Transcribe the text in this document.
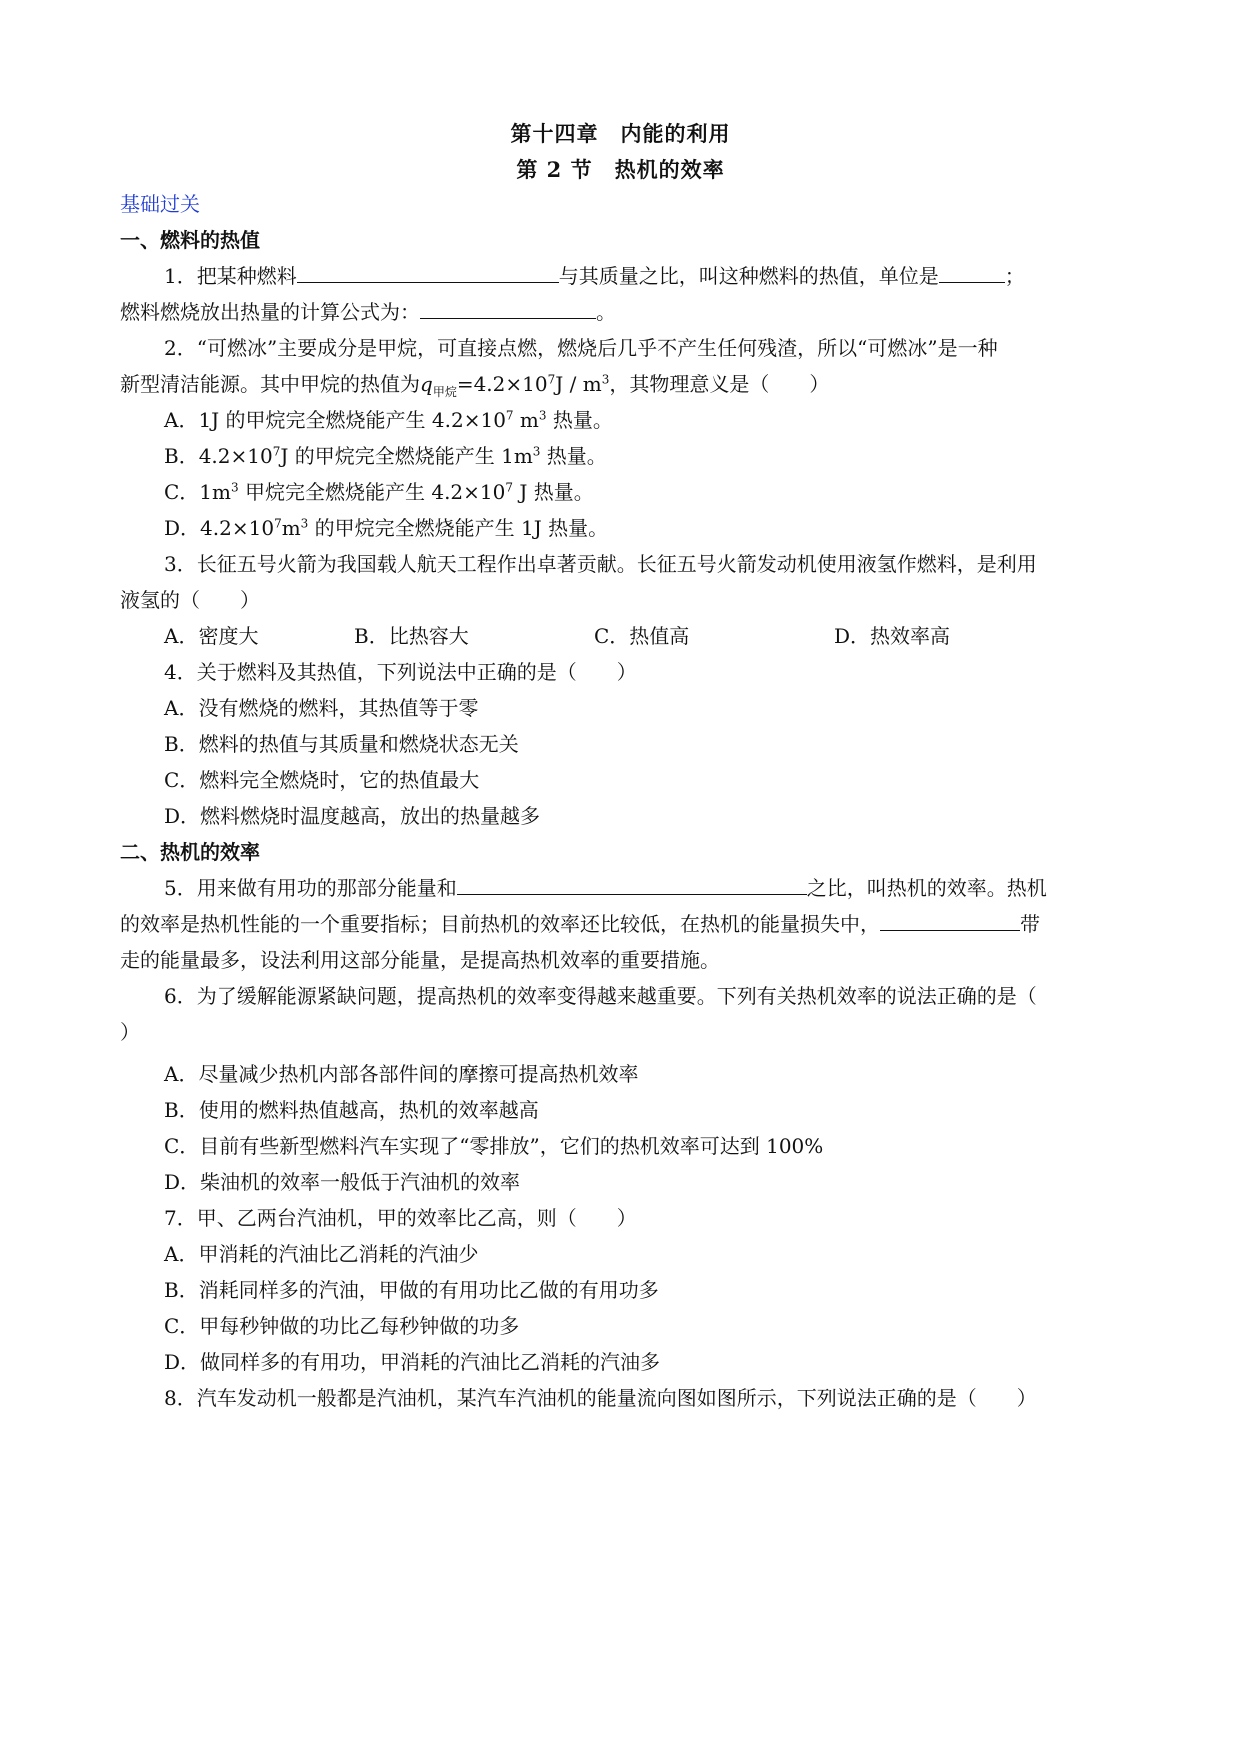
第十四章　内能的利用
第 2 节　热机的效率
基础过关
一、燃料的热值
1．把某种燃料	与其质量之比，叫这种燃料的热值，单位是	；
燃料燃烧放出热量的计算公式为：	。
2．“可燃冰”主要成分是甲烷，可直接点燃，燃烧后几乎不产生任何残渣，所以“可燃冰”是一种
新型清洁能源。其中甲烷的热值为$q_{甲烷}=4.2\times 10^7J / m^3$，其物理意义是（　　）
A．1J 的甲烷完全燃烧能产生 $4.2\times 10^7$ $m^3$ 热量。
B．$4.2\times 10^7J$ 的甲烷完全燃烧能产生 $1m^3$ 热量。
C．$1m^3$ 甲烷完全燃烧能产生 $4.2\times 10^7$ J 热量。
D．$4.2\times 10^7m^3$ 的甲烷完全燃烧能产生 1J 热量。
3．长征五号火箭为我国载人航天工程作出卓著贡献。长征五号火箭发动机使用液氢作燃料，是利用
液氢的（　　）
A．密度大	B．比热容大	C．热值高	D．热效率高
4．关于燃料及其热值，下列说法中正确的是（　　）
A．没有燃烧的燃料，其热值等于零
B．燃料的热值与其质量和燃烧状态无关
C．燃料完全燃烧时，它的热值最大
D．燃料燃烧时温度越高，放出的热量越多
二、热机的效率
5．用来做有用功的那部分能量和	之比，叫热机的效率。热机
的效率是热机性能的一个重要指标；目前热机的效率还比较低，在热机的能量损失中，	带
走的能量最多，设法利用这部分能量，是提高热机效率的重要措施。
6．为了缓解能源紧缺问题，提高热机的效率变得越来越重要。下列有关热机效率的说法正确的是（
）
A．尽量减少热机内部各部件间的摩擦可提高热机效率
B．使用的燃料热值越高，热机的效率越高
C．目前有些新型燃料汽车实现了“零排放”，它们的热机效率可达到 100%
D．柴油机的效率一般低于汽油机的效率
7．甲、乙两台汽油机，甲的效率比乙高，则（　　）
A．甲消耗的汽油比乙消耗的汽油少
B．消耗同样多的汽油，甲做的有用功比乙做的有用功多
C．甲每秒钟做的功比乙每秒钟做的功多
D．做同样多的有用功，甲消耗的汽油比乙消耗的汽油多
8．汽车发动机一般都是汽油机，某汽车汽油机的能量流向图如图所示，下列说法正确的是（　　）
